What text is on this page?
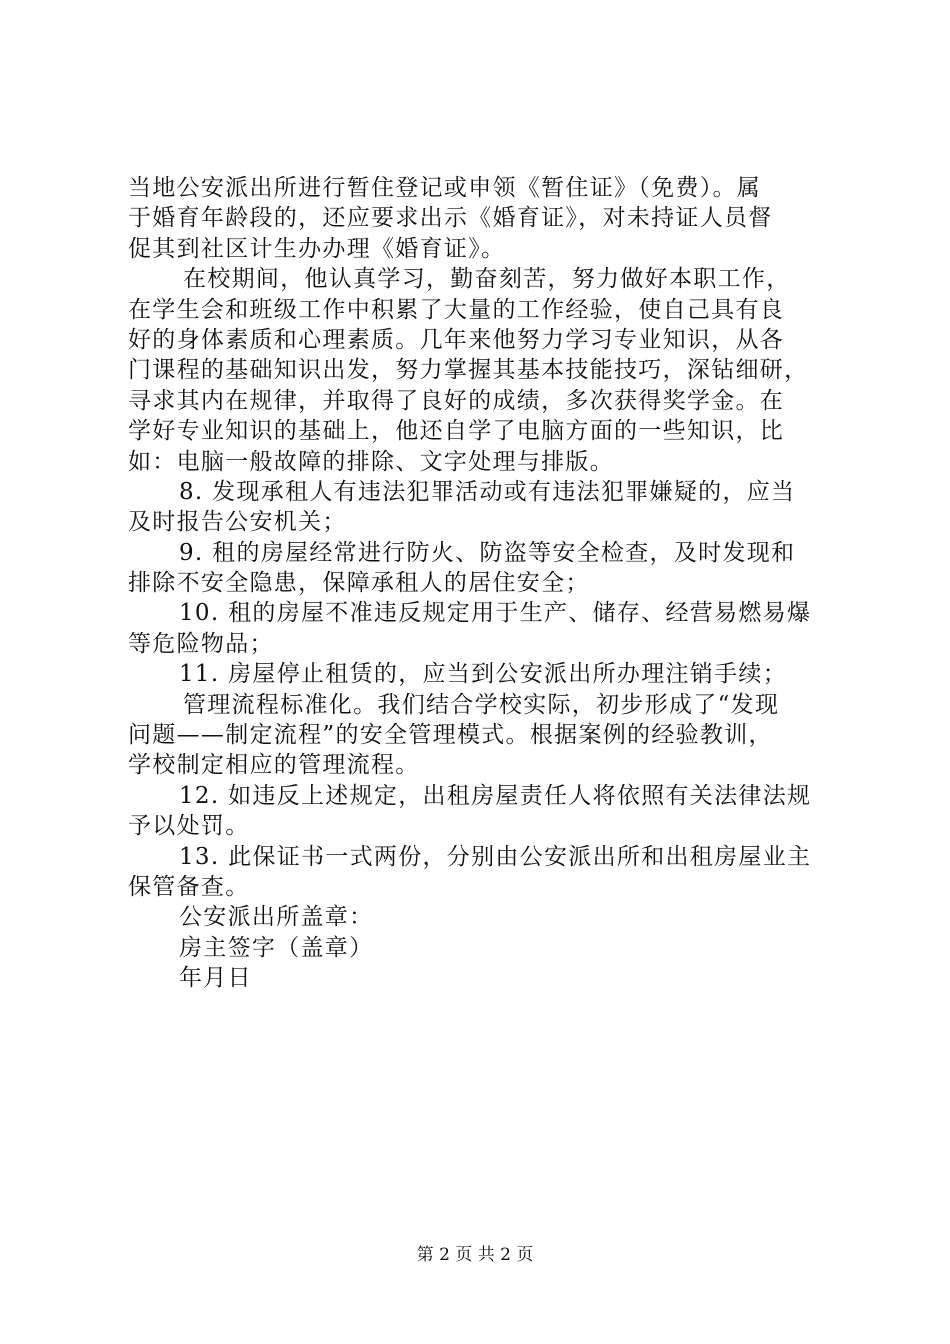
当地公安派出所进行暂住登记或申领《暂住证》（免费）。属
于婚育年龄段的，还应要求出示《婚育证》，对未持证人员督
促其到社区计生办办理《婚育证》。
在校期间，他认真学习，勤奋刻苦，努力做好本职工作，
在学生会和班级工作中积累了大量的工作经验，使自己具有良
好的身体素质和心理素质。几年来他努力学习专业知识，从各
门课程的基础知识出发，努力掌握其基本技能技巧，深钻细研，
寻求其内在规律，并取得了良好的成绩，多次获得奖学金。在
学好专业知识的基础上，他还自学了电脑方面的一些知识，比
如：电脑一般故障的排除、文字处理与排版。
8. 发现承租人有违法犯罪活动或有违法犯罪嫌疑的，应当
及时报告公安机关；
9. 租的房屋经常进行防火、防盗等安全检查，及时发现和
排除不安全隐患，保障承租人的居住安全；
10. 租的房屋不准违反规定用于生产、储存、经营易燃易爆
等危险物品；
11. 房屋停止租赁的，应当到公安派出所办理注销手续；
管理流程标准化。我们结合学校实际，初步形成了“发现
问题——制定流程”的安全管理模式。根据案例的经验教训，
学校制定相应的管理流程。
12. 如违反上述规定，出租房屋责任人将依照有关法律法规
予以处罚。
13. 此保证书一式两份，分别由公安派出所和出租房屋业主
保管备查。
公安派出所盖章：
房主签字（盖章）
年月日
第 2 页 共 2 页
